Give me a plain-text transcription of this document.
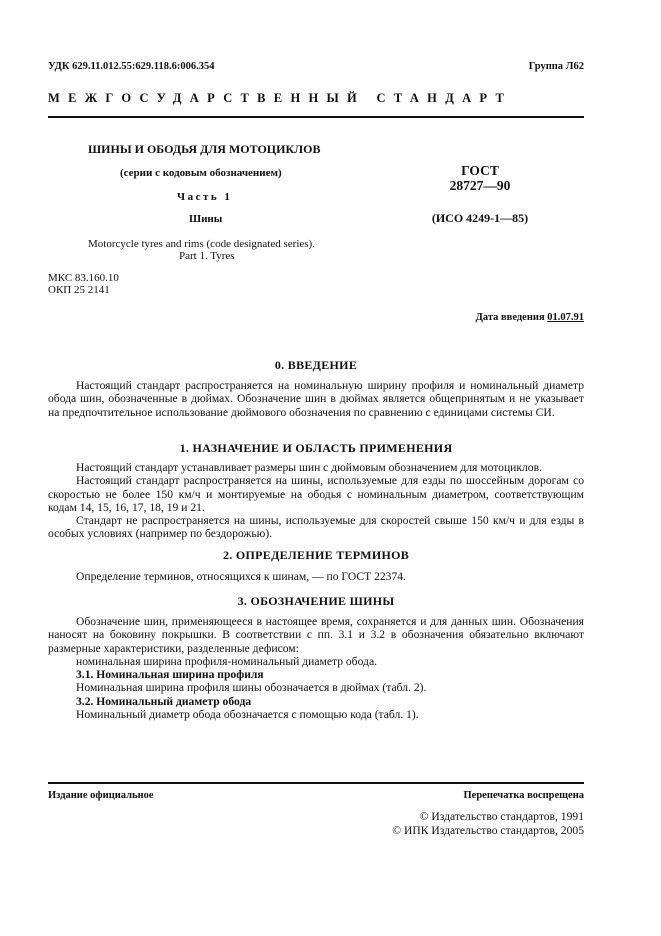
УДК 629.11.012.55:629.118.6:006.354	Группа Л62
МЕЖГОСУДАРСТВЕННЫЙ СТАНДАРТ
ШИНЫ И ОБОДЬЯ ДЛЯ МОТОЦИКЛОВ
(серии с кодовым обозначением)
Часть 1
Шины
Motorcycle tyres and rims (code designated series).
Part 1. Tyres
ГОСТ
28727—90
(ИСО 4249-1—85)
МКС 83.160.10
ОКП 25 2141
Дата введения 01.07.91
0. ВВЕДЕНИЕ

Настоящий стандарт распространяется на номинальную ширину профиля и номинальный диаметр обода шин, обозначенные в дюймах. Обозначение шин в дюймах является общепринятым и не указывает на предпочтительное использование дюймового обозначения по сравнению с единицами системы СИ.

1. НАЗНАЧЕНИЕ И ОБЛАСТЬ ПРИМЕНЕНИЯ

Настоящий стандарт устанавливает размеры шин с дюймовым обозначением для мотоциклов.

Настоящий стандарт распространяется на шины, используемые для езды по шоссейным дорогам со скоростью не более 150 км/ч и монтируемые на ободья с номинальным диаметром, соответствующим кодам 14, 15, 16, 17, 18, 19 и 21.

Стандарт не распространяется на шины, используемые для скоростей свыше 150 км/ч и для езды в особых условиях (например по бездорожью).

2. ОПРЕДЕЛЕНИЕ ТЕРМИНОВ

Определение терминов, относящихся к шинам, — по ГОСТ 22374.

3. ОБОЗНАЧЕНИЕ ШИНЫ

Обозначение шин, применяющееся в настоящее время, сохраняется и для данных шин. Обозначения наносят на боковину покрышки. В соответствии с пп. 3.1 и 3.2 в обозначения обязательно включают размерные характеристики, разделенные дефисом:

номинальная ширина профиля-номинальный диаметр обода.

3.1. Номинальная ширина профиля

Номинальная ширина профиля шины обозначается в дюймах (табл. 2).

3.2. Номинальный диаметр обода

Номинальный диаметр обода обозначается с помощью кода (табл. 1).

Издание официальное	Перепечатка воспрещена
© Издательство стандартов, 1991
© ИПК Издательство стандартов, 2005
